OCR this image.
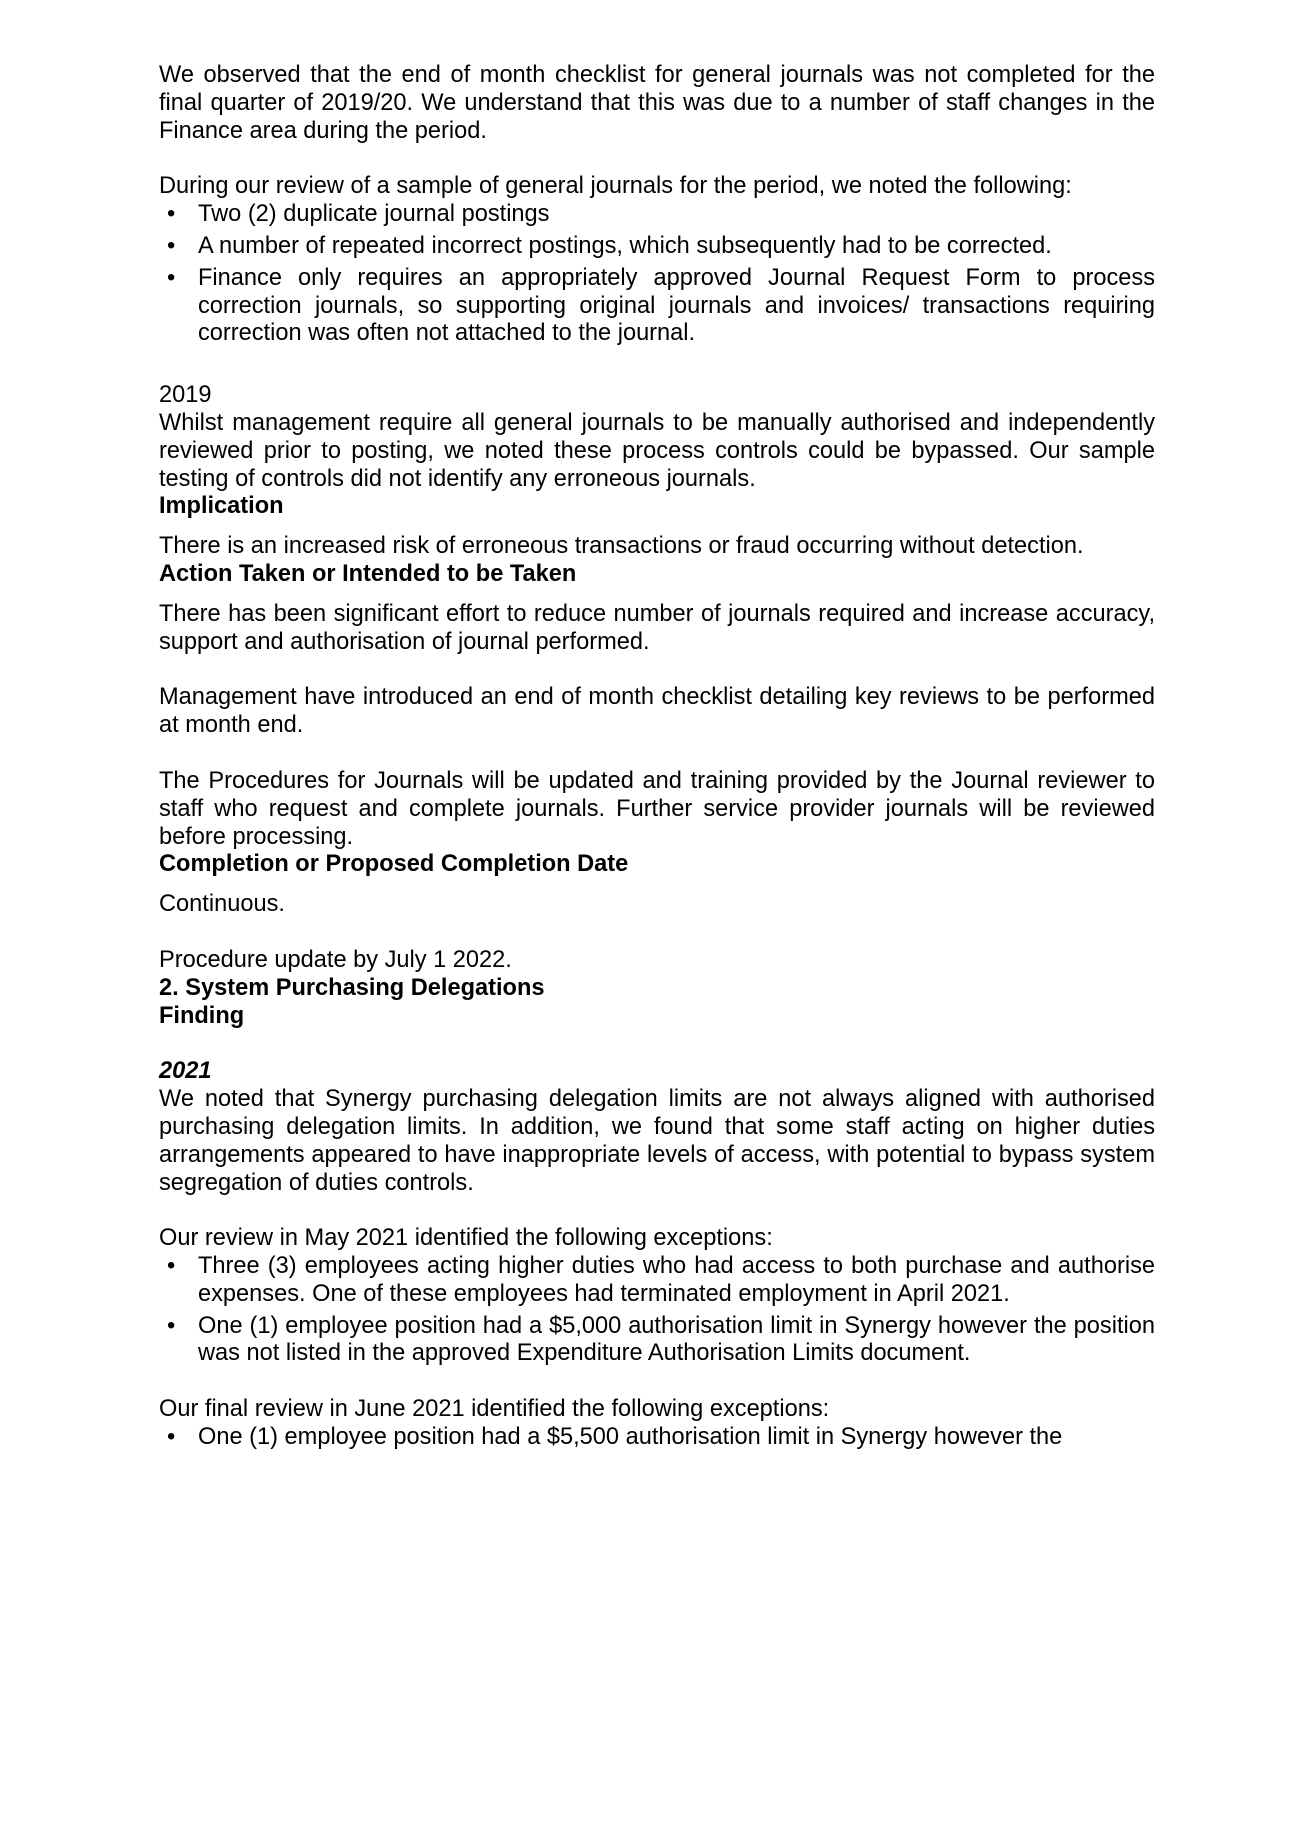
We observed that the end of month checklist for general journals was not completed for the final quarter of 2019/20. We understand that this was due to a number of staff changes in the Finance area during the period.

During our review of a sample of general journals for the period, we noted the following:

• Two (2) duplicate journal postings
• A number of repeated incorrect postings, which subsequently had to be corrected.
• Finance only requires an appropriately approved Journal Request Form to process correction journals, so supporting original journals and invoices/ transactions requiring correction was often not attached to the journal.

2019

Whilst management require all general journals to be manually authorised and independently reviewed prior to posting, we noted these process controls could be bypassed. Our sample testing of controls did not identify any erroneous journals.

Implication

There is an increased risk of erroneous transactions or fraud occurring without detection.

Action Taken or Intended to be Taken

There has been significant effort to reduce number of journals required and increase accuracy, support and authorisation of journal performed.

Management have introduced an end of month checklist detailing key reviews to be performed at month end.

The Procedures for Journals will be updated and training provided by the Journal reviewer to staff who request and complete journals. Further service provider journals will be reviewed before processing.

Completion or Proposed Completion Date

Continuous.

Procedure update by July 1 2022.

2. System Purchasing Delegations

Finding

2021

We noted that Synergy purchasing delegation limits are not always aligned with authorised purchasing delegation limits. In addition, we found that some staff acting on higher duties arrangements appeared to have inappropriate levels of access, with potential to bypass system segregation of duties controls.

Our review in May 2021 identified the following exceptions:

• Three (3) employees acting higher duties who had access to both purchase and authorise expenses. One of these employees had terminated employment in April 2021.
• One (1) employee position had a $5,000 authorisation limit in Synergy however the position was not listed in the approved Expenditure Authorisation Limits document.

Our final review in June 2021 identified the following exceptions:

• One (1) employee position had a $5,500 authorisation limit in Synergy however the
